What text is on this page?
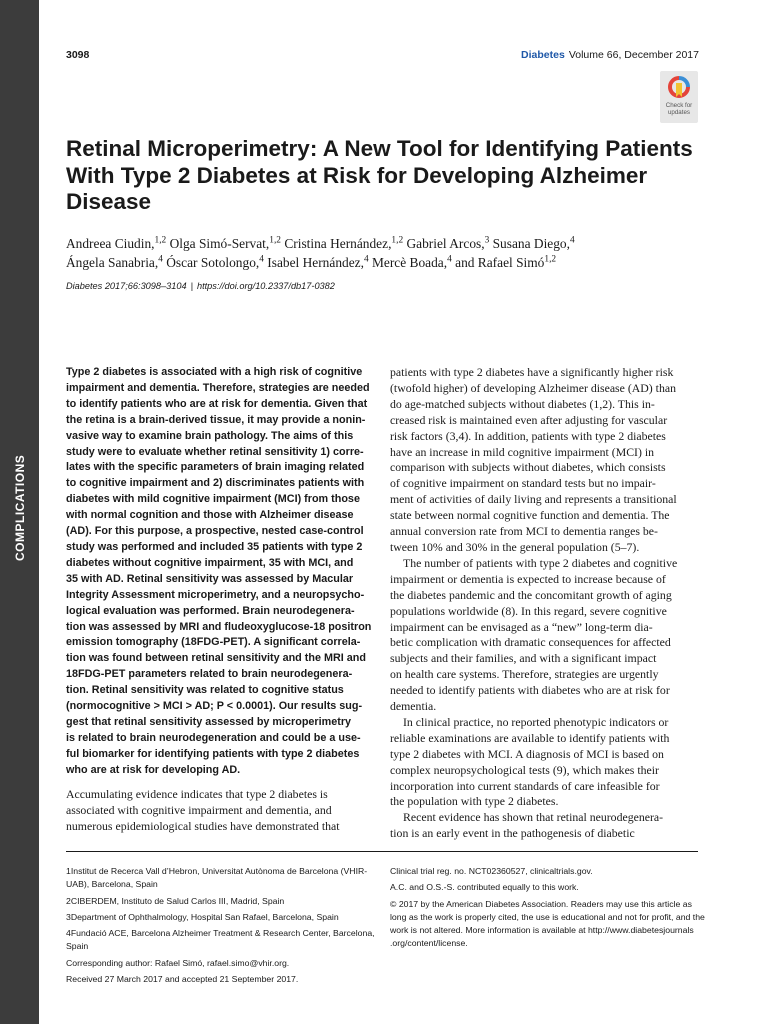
COMPLICATIONS
3098	Diabetes Volume 66, December 2017
Check for
updates
Retinal Microperimetry: A New Tool for Identifying Patients With Type 2 Diabetes at Risk for Developing Alzheimer Disease

Andreea Ciudin,$^{1,2}$ Olga Simó-Servat,$^{1,2}$ Cristina Hernández,$^{1,2}$ Gabriel Arcos,$^3$ Susana Diego,$^4$

Ángela Sanabria,$^4$ Óscar Sotolongo,$^4$ Isabel Hernández,$^4$ Mercè Boada,$^4$ and Rafael Simó$^{1,2}$

Diabetes 2017;66:3098–3104 | https://doi.org/10.2337/db17-0382
Type 2 diabetes is associated with a high risk of cognitive
impairment and dementia. Therefore, strategies are needed
to identify patients who are at risk for dementia. Given that
the retina is a brain-derived tissue, it may provide a nonin-
vasive way to examine brain pathology. The aims of this
study were to evaluate whether retinal sensitivity 1) corre-
lates with the specific parameters of brain imaging related
to cognitive impairment and 2) discriminates patients with
diabetes with mild cognitive impairment (MCI) from those
with normal cognition and those with Alzheimer disease
(AD). For this purpose, a prospective, nested case-control
study was performed and included 35 patients with type 2
diabetes without cognitive impairment, 35 with MCI, and
35 with AD. Retinal sensitivity was assessed by Macular
Integrity Assessment microperimetry, and a neuropsycho-
logical evaluation was performed. Brain neurodegenera-
tion was assessed by MRI and fludeoxyglucose-18 positron
emission tomography (18FDG-PET). A significant correla-
tion was found between retinal sensitivity and the MRI and
18FDG-PET parameters related to brain neurodegenera-
tion. Retinal sensitivity was related to cognitive status
(normocognitive > MCI > AD; P < 0.0001). Our results sug-
gest that retinal sensitivity assessed by microperimetry
is related to brain neurodegeneration and could be a use-
ful biomarker for identifying patients with type 2 diabetes
who are at risk for developing AD.
Accumulating evidence indicates that type 2 diabetes is
associated with cognitive impairment and dementia, and
numerous epidemiological studies have demonstrated that
patients with type 2 diabetes have a significantly higher risk
(twofold higher) of developing Alzheimer disease (AD) than
do age-matched subjects without diabetes (1,2). This in-
creased risk is maintained even after adjusting for vascular
risk factors (3,4). In addition, patients with type 2 diabetes
have an increase in mild cognitive impairment (MCI) in
comparison with subjects without diabetes, which consists
of cognitive impairment on standard tests but no impair-
ment of activities of daily living and represents a transitional
state between normal cognitive function and dementia. The
annual conversion rate from MCI to dementia ranges be-
tween 10% and 30% in the general population (5–7).
The number of patients with type 2 diabetes and cognitive
impairment or dementia is expected to increase because of
the diabetes pandemic and the concomitant growth of aging
populations worldwide (8). In this regard, severe cognitive
impairment can be envisaged as a “new” long-term dia-
betic complication with dramatic consequences for affected
subjects and their families, and with a significant impact
on health care systems. Therefore, strategies are urgently
needed to identify patients with diabetes who are at risk for
dementia.
In clinical practice, no reported phenotypic indicators or
reliable examinations are available to identify patients with
type 2 diabetes with MCI. A diagnosis of MCI is based on
complex neuropsychological tests (9), which makes their
incorporation into current standards of care infeasible for
the population with type 2 diabetes.
Recent evidence has shown that retinal neurodegenera-
tion is an early event in the pathogenesis of diabetic

1Institut de Recerca Vall d’Hebron, Universitat Autònoma de Barcelona (VHIR-
UAB), Barcelona, Spain

2CIBERDEM, Instituto de Salud Carlos III, Madrid, Spain

3Department of Ophthalmology, Hospital San Rafael, Barcelona, Spain

4Fundació ACE, Barcelona Alzheimer Treatment & Research Center, Barcelona,
Spain

Corresponding author: Rafael Simó, rafael.simo@vhir.org.

Received 27 March 2017 and accepted 21 September 2017.

Clinical trial reg. no. NCT02360527, clinicaltrials.gov.

A.C. and O.S.-S. contributed equally to this work.

© 2017 by the American Diabetes Association. Readers may use this article as
long as the work is properly cited, the use is educational and not for profit, and the
work is not altered. More information is available at http://www.diabetesjournals
.org/content/license.
